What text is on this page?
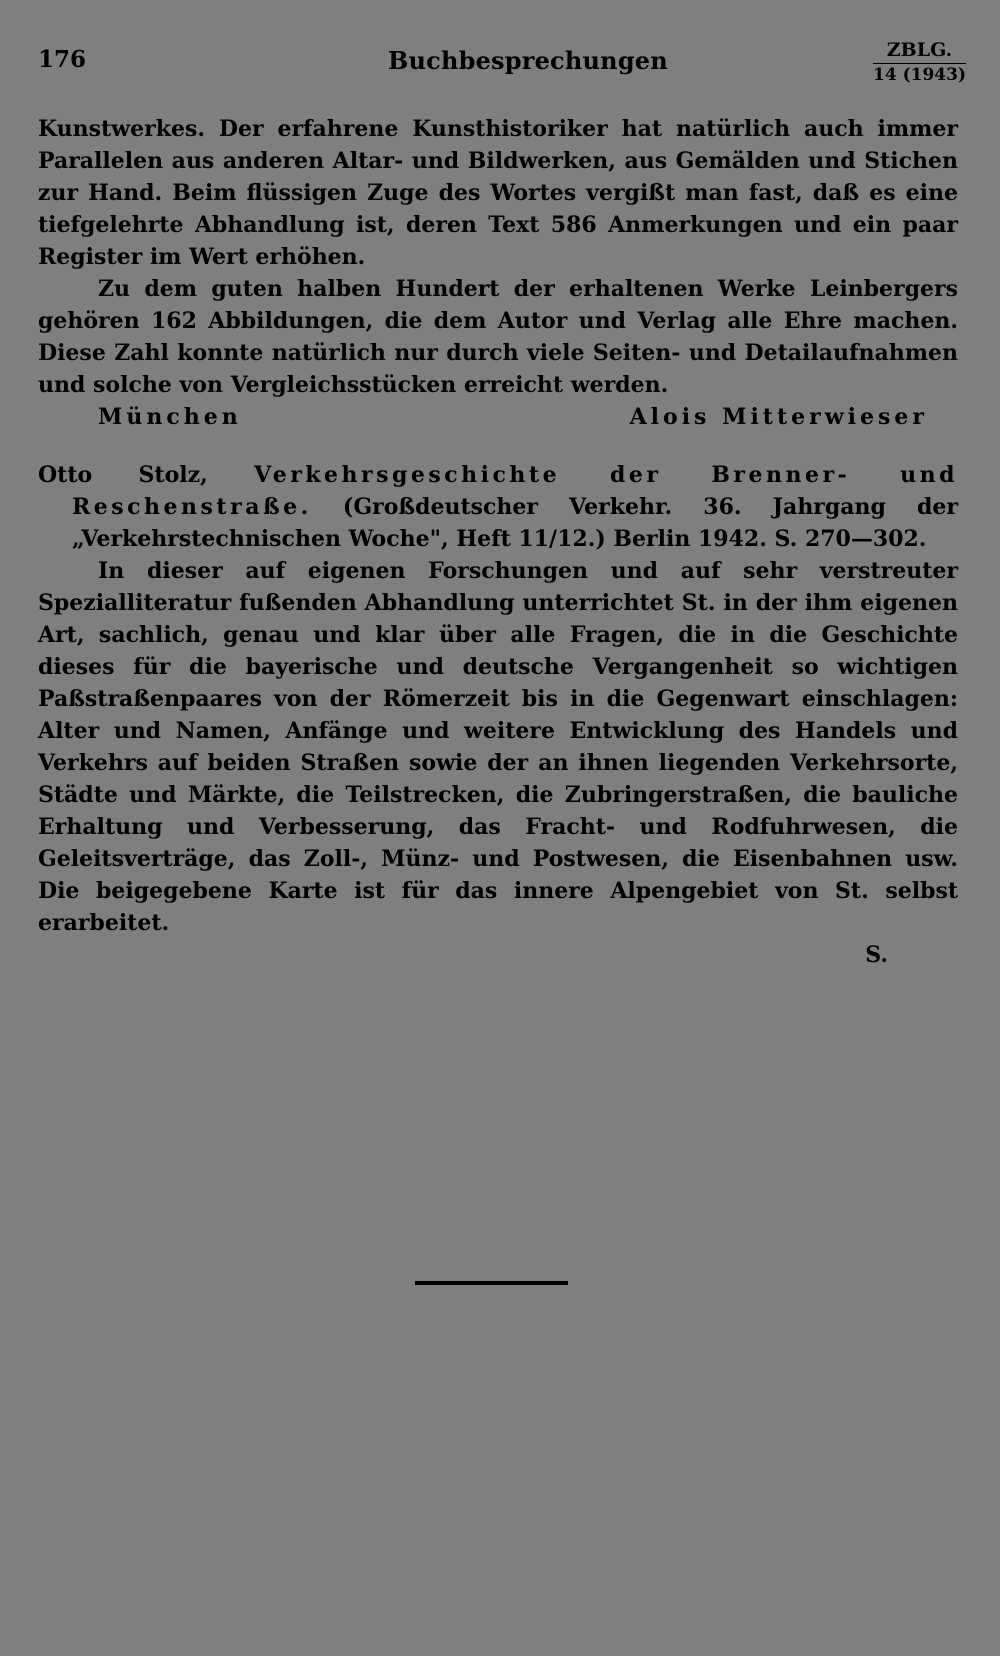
176	Buchbesprechungen	ZBLG.
14 (1943)

Kunstwerkes. Der erfahrene Kunsthistoriker hat natürlich auch immer Parallelen aus anderen Altar- und Bildwerken, aus Gemälden und Stichen zur Hand. Beim flüssigen Zuge des Wortes vergißt man fast, daß es eine tiefgelehrte Abhandlung ist, deren Text 586 Anmerkungen und ein paar Register im Wert erhöhen.

Zu dem guten halben Hundert der erhaltenen Werke Leinbergers gehören 162 Abbildungen, die dem Autor und Verlag alle Ehre machen. Diese Zahl konnte natürlich nur durch viele Seiten- und Detailaufnahmen und solche von Vergleichsstücken erreicht werden.

München	Alois Mitterwieser

Otto Stolz, Verkehrsgeschichte der Brenner- und Reschenstraße. (Großdeutscher Verkehr. 36. Jahrgang der „Verkehrstechnischen Woche", Heft 11/12.) Berlin 1942. S. 270—302.

In dieser auf eigenen Forschungen und auf sehr verstreuter Spezialliteratur fußenden Abhandlung unterrichtet St. in der ihm eigenen Art, sachlich, genau und klar über alle Fragen, die in die Geschichte dieses für die bayerische und deutsche Vergangenheit so wichtigen Paßstraßenpaares von der Römerzeit bis in die Gegenwart einschlagen: Alter und Namen, Anfänge und weitere Entwicklung des Handels und Verkehrs auf beiden Straßen sowie der an ihnen liegenden Verkehrsorte, Städte und Märkte, die Teilstrecken, die Zubringerstraßen, die bauliche Erhaltung und Verbesserung, das Fracht- und Rodfuhrwesen, die Geleitsverträge, das Zoll-, Münz- und Postwesen, die Eisenbahnen usw. Die beigegebene Karte ist für das innere Alpengebiet von St. selbst erarbeitet.

S.
